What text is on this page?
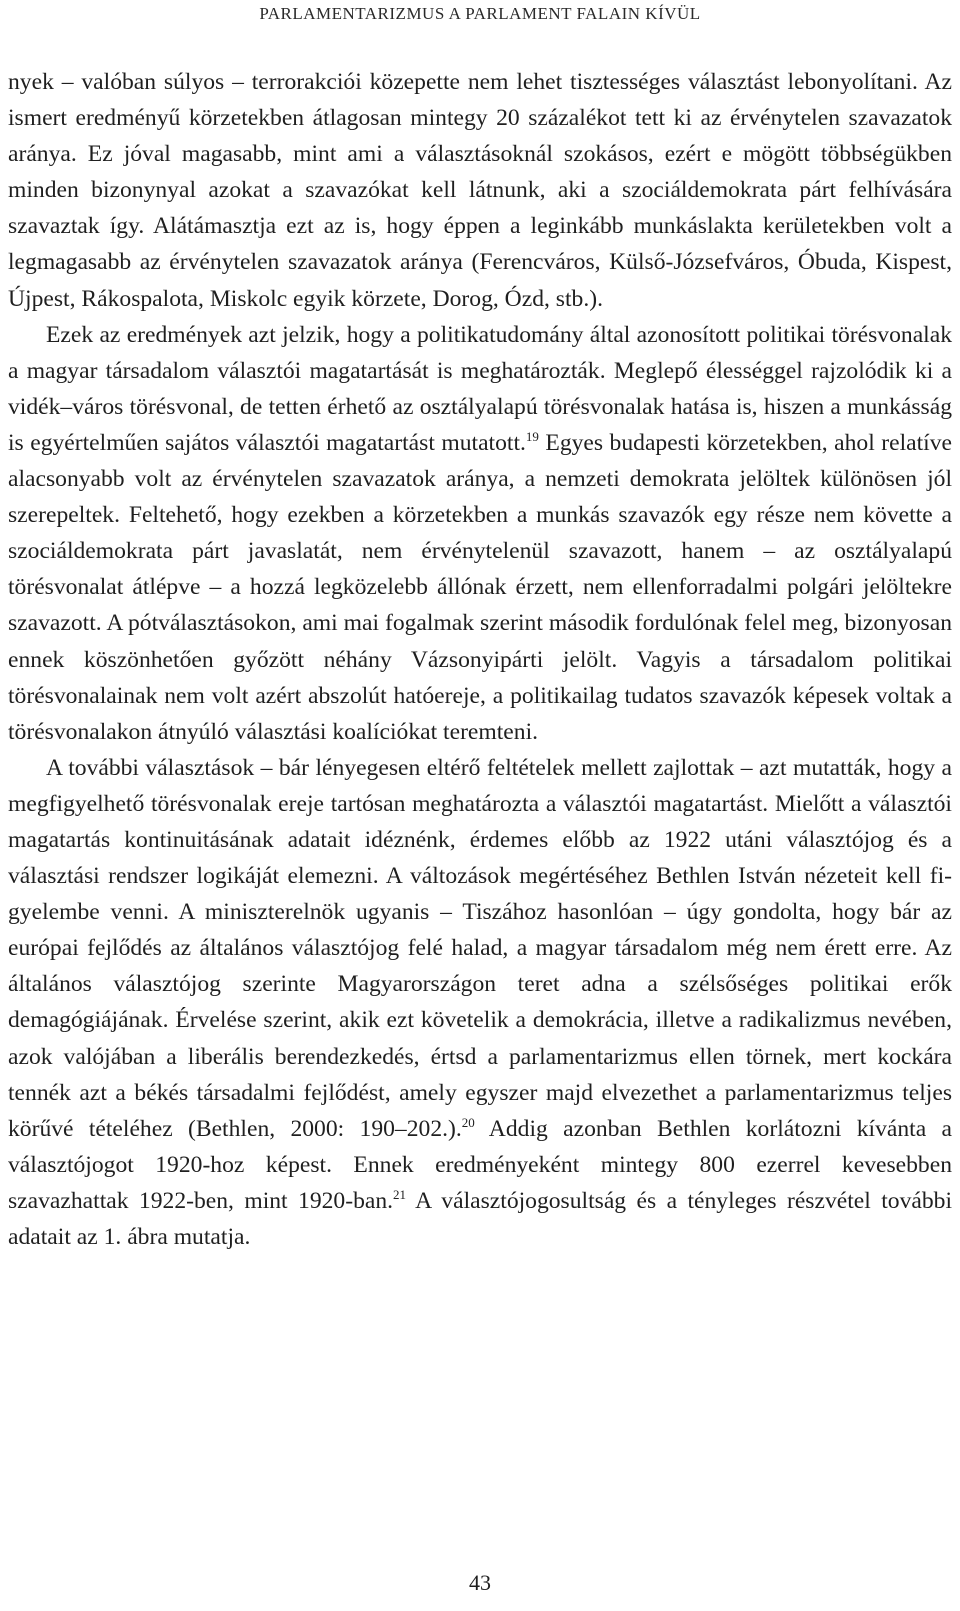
PARLAMENTARIZMUS A PARLAMENT FALAIN KÍVÜL

nyek – valóban súlyos – terrorakciói közepette nem lehet tisztességes választást lebonyolítani. Az ismert eredményű körzetekben átlagosan mintegy 20 százalékot tett ki az érvénytelen szavazatok aránya. Ez jóval magasabb, mint ami a választásoknál szokásos, ezért e mögött többségükben minden bizonynyal azokat a szavazókat kell látnunk, aki a szociáldemokrata párt felhívására szavaztak így. Alátámasztja ezt az is, hogy éppen a leginkább munkáslakta kerületekben volt a legmagasabb az érvénytelen szavazatok aránya (Ferencváros, Külső-Józsefváros, Óbuda, Kispest, Újpest, Rákospalota, Miskolc egyik körzete, Dorog, Ózd, stb.).

Ezek az eredmények azt jelzik, hogy a politikatudomány által azonosított politikai törésvonalak a magyar társadalom választói magatartását is meghatározták. Meglepő élességgel rajzolódik ki a vidék–város törésvonal, de tetten érhető az osztályalapú törésvonalak hatása is, hiszen a munkásság is egyértelműen sajátos választói magatartást mutatott.$^{19}$ Egyes budapesti körzetekben, ahol relatíve alacsonyabb volt az érvénytelen szavazatok aránya, a nemzeti demokrata jelöltek különösen jól szerepeltek. Feltehető, hogy ezekben a körzetekben a munkás szavazók egy része nem követte a szociáldemokrata párt javaslatát, nem érvénytelenül szavazott, hanem – az osztályalapú törésvonalat átlépve – a hozzá legközelebb állónak érzett, nem ellenforradalmi polgári jelöltekre szavazott. A pótválasztásokon, ami mai fogalmak szerint második fordulónak felel meg, bizonyosan ennek köszönhetően győzött néhány Vázsonyipárti jelölt. Vagyis a társadalom politikai törésvonalainak nem volt azért abszolút hatóereje, a politikailag tudatos szavazók képesek voltak a törésvonalakon átnyúló választási koalíciókat teremteni.

A további választások – bár lényegesen eltérő feltételek mellett zajlottak – azt mutatták, hogy a megfigyelhető törésvonalak ereje tartósan meghatározta a választói magatartást. Mielőtt a választói magatartás kontinuitásának adatait idéznénk, érdemes előbb az 1922 utáni választójog és a választási rendszer logikáját elemezni. A változások megértéséhez Bethlen István nézeteit kell figyelembe venni. A miniszterelnök ugyanis – Tiszához hasonlóan – úgy gondolta, hogy bár az európai fejlődés az általános választójog felé halad, a magyar társadalom még nem érett erre. Az általános választójog szerinte Magyarországon teret adna a szélsőséges politikai erők demagógiájának. Érvelése szerint, akik ezt követelik a demokrácia, illetve a radikalizmus nevében, azok valójában a liberális berendezkedés, értsd a parlamentarizmus ellen törnek, mert kockára tennék azt a békés társadalmi fejlődést, amely egyszer majd elvezethet a parlamentarizmus teljes körűvé tételéhez (Bethlen, 2000: 190–202.).$^{20}$ Addig azonban Bethlen korlátozni kívánta a választójogot 1920-hoz képest. Ennek eredményeként mintegy 800 ezerrel kevesebben szavazhattak 1922-ben, mint 1920-ban.$^{21}$ A választójogosultság és a tényleges részvétel további adatait az 1. ábra mutatja.

43
